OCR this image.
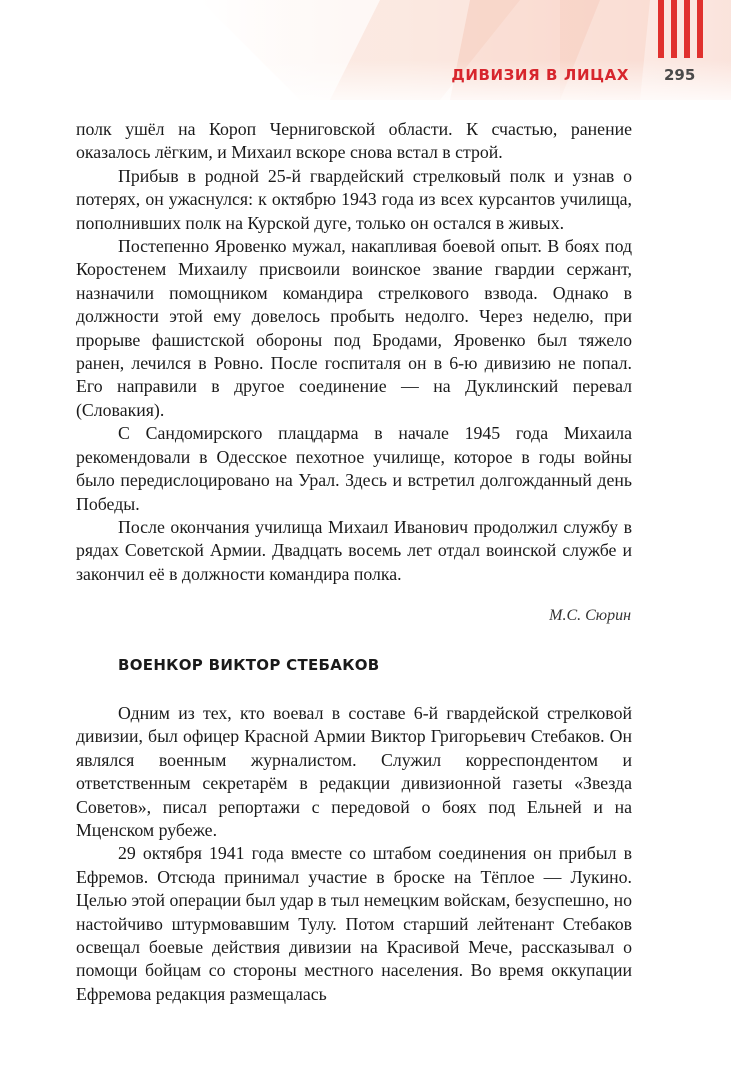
ДИВИЗИЯ В ЛИЦАХ 295

полк ушёл на Короп Черниговской области. К счастью, ранение оказалось лёгким, и Михаил вскоре снова встал в строй.

Прибыв в родной 25-й гвардейский стрелковый полк и узнав о потерях, он ужаснулся: к октябрю 1943 года из всех курсантов училища, пополнивших полк на Курской дуге, только он остался в живых.

Постепенно Яровенко мужал, накапливая боевой опыт. В боях под Коростенем Михаилу присвоили воинское звание гвардии сержант, назначили помощником командира стрелкового взвода. Однако в должности этой ему довелось пробыть недолго. Через неделю, при прорыве фашистской обороны под Бродами, Яровенко был тяжело ранен, лечился в Ровно. После госпиталя он в 6-ю дивизию не попал. Его направили в другое соединение — на Дуклинский перевал (Словакия).

С Сандомирского плацдарма в начале 1945 года Михаила рекомендовали в Одесское пехотное училище, которое в годы войны было передислоцировано на Урал. Здесь и встретил долгожданный день Победы.

После окончания училища Михаил Иванович продолжил службу в рядах Советской Армии. Двадцать восемь лет отдал воинской службе и закончил её в должности командира полка.

М.С. Сюрин
ВОЕНКОР ВИКТОР СТЕБАКОВ

Одним из тех, кто воевал в составе 6-й гвардейской стрелковой дивизии, был офицер Красной Армии Виктор Григорьевич Стебаков. Он являлся военным журналистом. Служил корреспондентом и ответственным секретарём в редакции дивизионной газеты «Звезда Советов», писал репортажи с передовой о боях под Ельней и на Мценском рубеже.

29 октября 1941 года вместе со штабом соединения он прибыл в Ефремов. Отсюда принимал участие в броске на Тёплое — Лукино. Целью этой операции был удар в тыл немецким войскам, безуспешно, но настойчиво штурмовавшим Тулу. Потом старший лейтенант Стебаков освещал боевые действия дивизии на Красивой Мече, рассказывал о помощи бойцам со стороны местного населения. Во время оккупации Ефремова редакция размещалась
